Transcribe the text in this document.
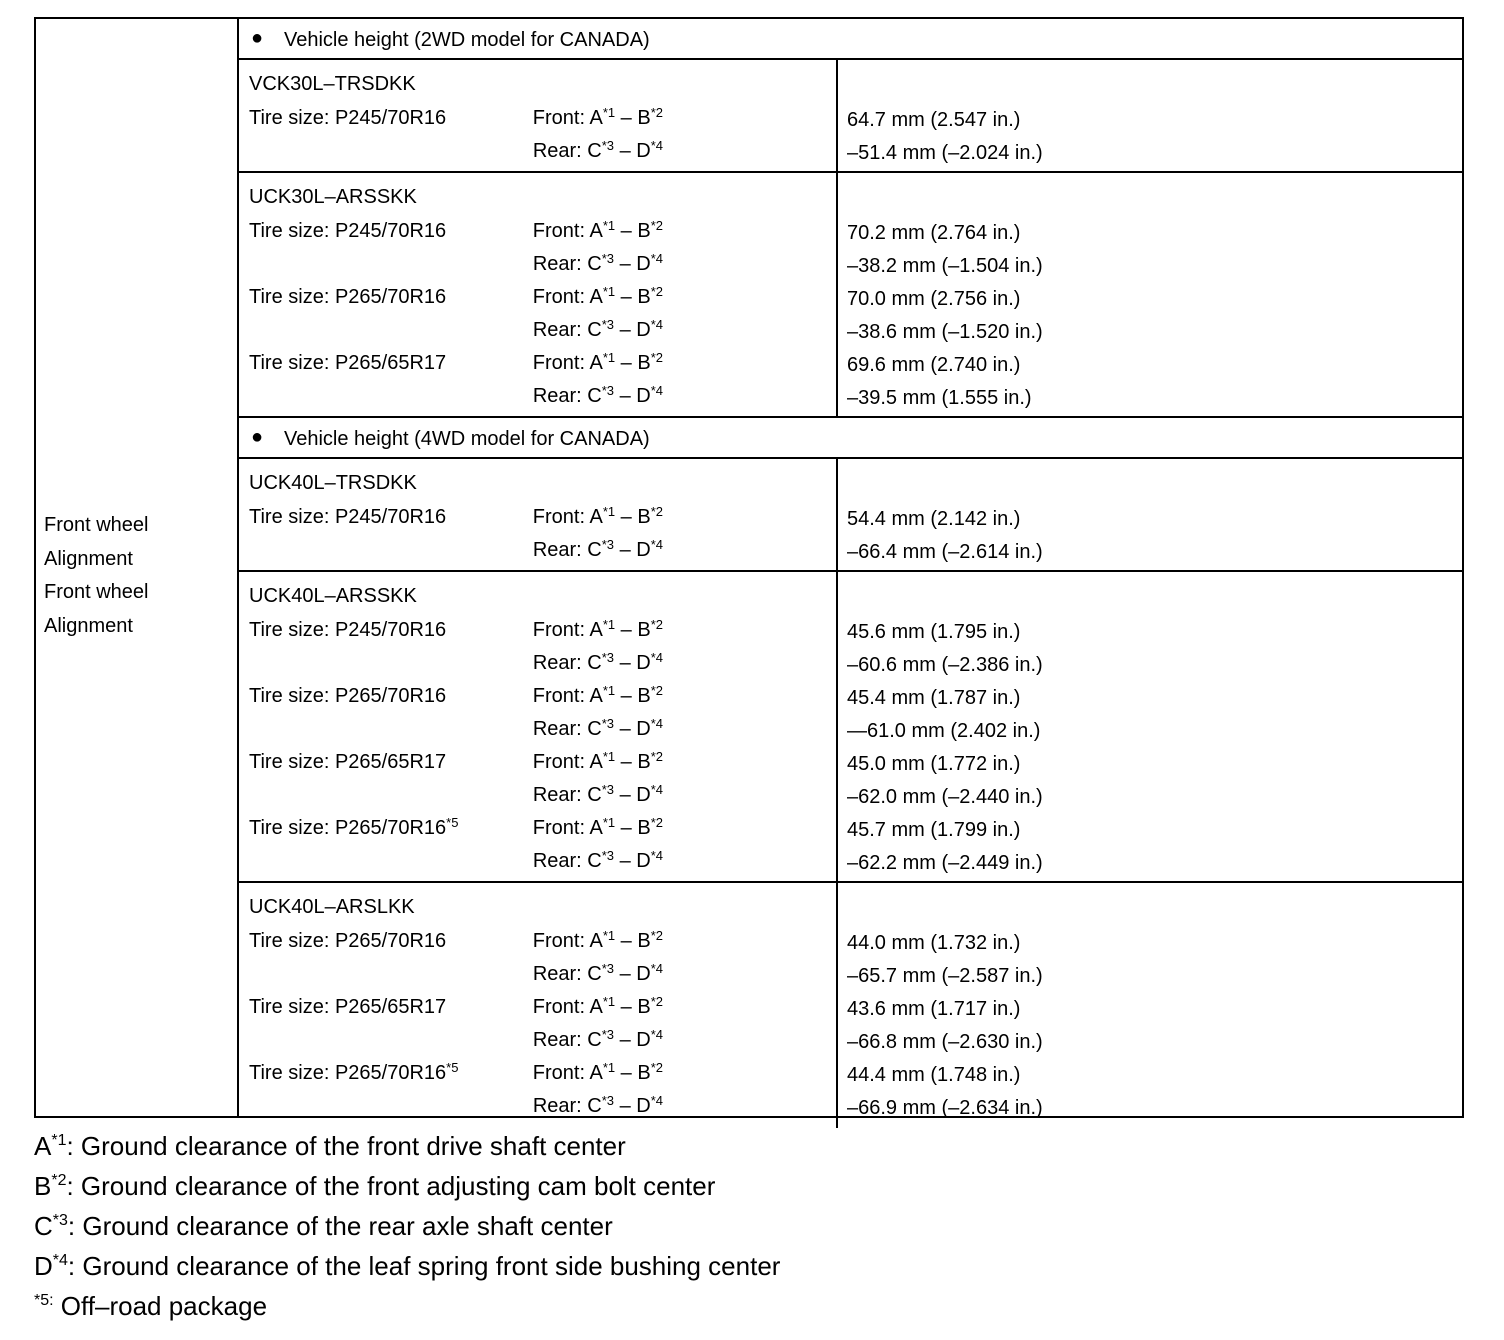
Front wheel
Alignment
Front wheel
Alignment
● Vehicle height (2WD model for CANADA)
VCK30L–TRSDKK
Tire size: P245/70R16	Front: $A^{*1} - B^{*2}$	64.7 mm (2.547 in.)
Rear: $C^{*3} - D^{*4}$	–51.4 mm (–2.024 in.)
UCK30L–ARSSKK
Tire size: P245/70R16	Front: $A^{*1} - B^{*2}$	70.2 mm (2.764 in.)
Rear: $C^{*3} - D^{*4}$	–38.2 mm (–1.504 in.)
Tire size: P265/70R16	Front: $A^{*1} - B^{*2}$	70.0 mm (2.756 in.)
Rear: $C^{*3} - D^{*4}$	–38.6 mm (–1.520 in.)
Tire size: P265/65R17	Front: $A^{*1} - B^{*2}$	69.6 mm (2.740 in.)
Rear: $C^{*3} - D^{*4}$	–39.5 mm (1.555 in.)
● Vehicle height (4WD model for CANADA)
UCK40L–TRSDKK
Tire size: P245/70R16	Front: $A^{*1} - B^{*2}$	54.4 mm (2.142 in.)
Rear: $C^{*3} - D^{*4}$	–66.4 mm (–2.614 in.)
UCK40L–ARSSKK
Tire size: P245/70R16	Front: $A^{*1} - B^{*2}$	45.6 mm (1.795 in.)
Rear: $C^{*3} - D^{*4}$	–60.6 mm (–2.386 in.)
Tire size: P265/70R16	Front: $A^{*1} - B^{*2}$	45.4 mm (1.787 in.)
Rear: $C^{*3} - D^{*4}$	—61.0 mm (2.402 in.)
Tire size: P265/65R17	Front: $A^{*1} - B^{*2}$	45.0 mm (1.772 in.)
Rear: $C^{*3} - D^{*4}$	–62.0 mm (–2.440 in.)
Tire size: P265/70R16$^{*5}$	Front: $A^{*1} - B^{*2}$	45.7 mm (1.799 in.)
Rear: $C^{*3} - D^{*4}$	–62.2 mm (–2.449 in.)
UCK40L–ARSLKK
Tire size: P265/70R16	Front: $A^{*1} - B^{*2}$	44.0 mm (1.732 in.)
Rear: $C^{*3} - D^{*4}$	–65.7 mm (–2.587 in.)
Tire size: P265/65R17	Front: $A^{*1} - B^{*2}$	43.6 mm (1.717 in.)
Rear: $C^{*3} - D^{*4}$	–66.8 mm (–2.630 in.)
Tire size: P265/70R16$^{*5}$	Front: $A^{*1} - B^{*2}$	44.4 mm (1.748 in.)
Rear: $C^{*3} - D^{*4}$	–66.9 mm (–2.634 in.)
$A^{*1}$: Ground clearance of the front drive shaft center
$B^{*2}$: Ground clearance of the front adjusting cam bolt center
$C^{*3}$: Ground clearance of the rear axle shaft center
$D^{*4}$: Ground clearance of the leaf spring front side bushing center
$^{*5:}$ Off–road package
